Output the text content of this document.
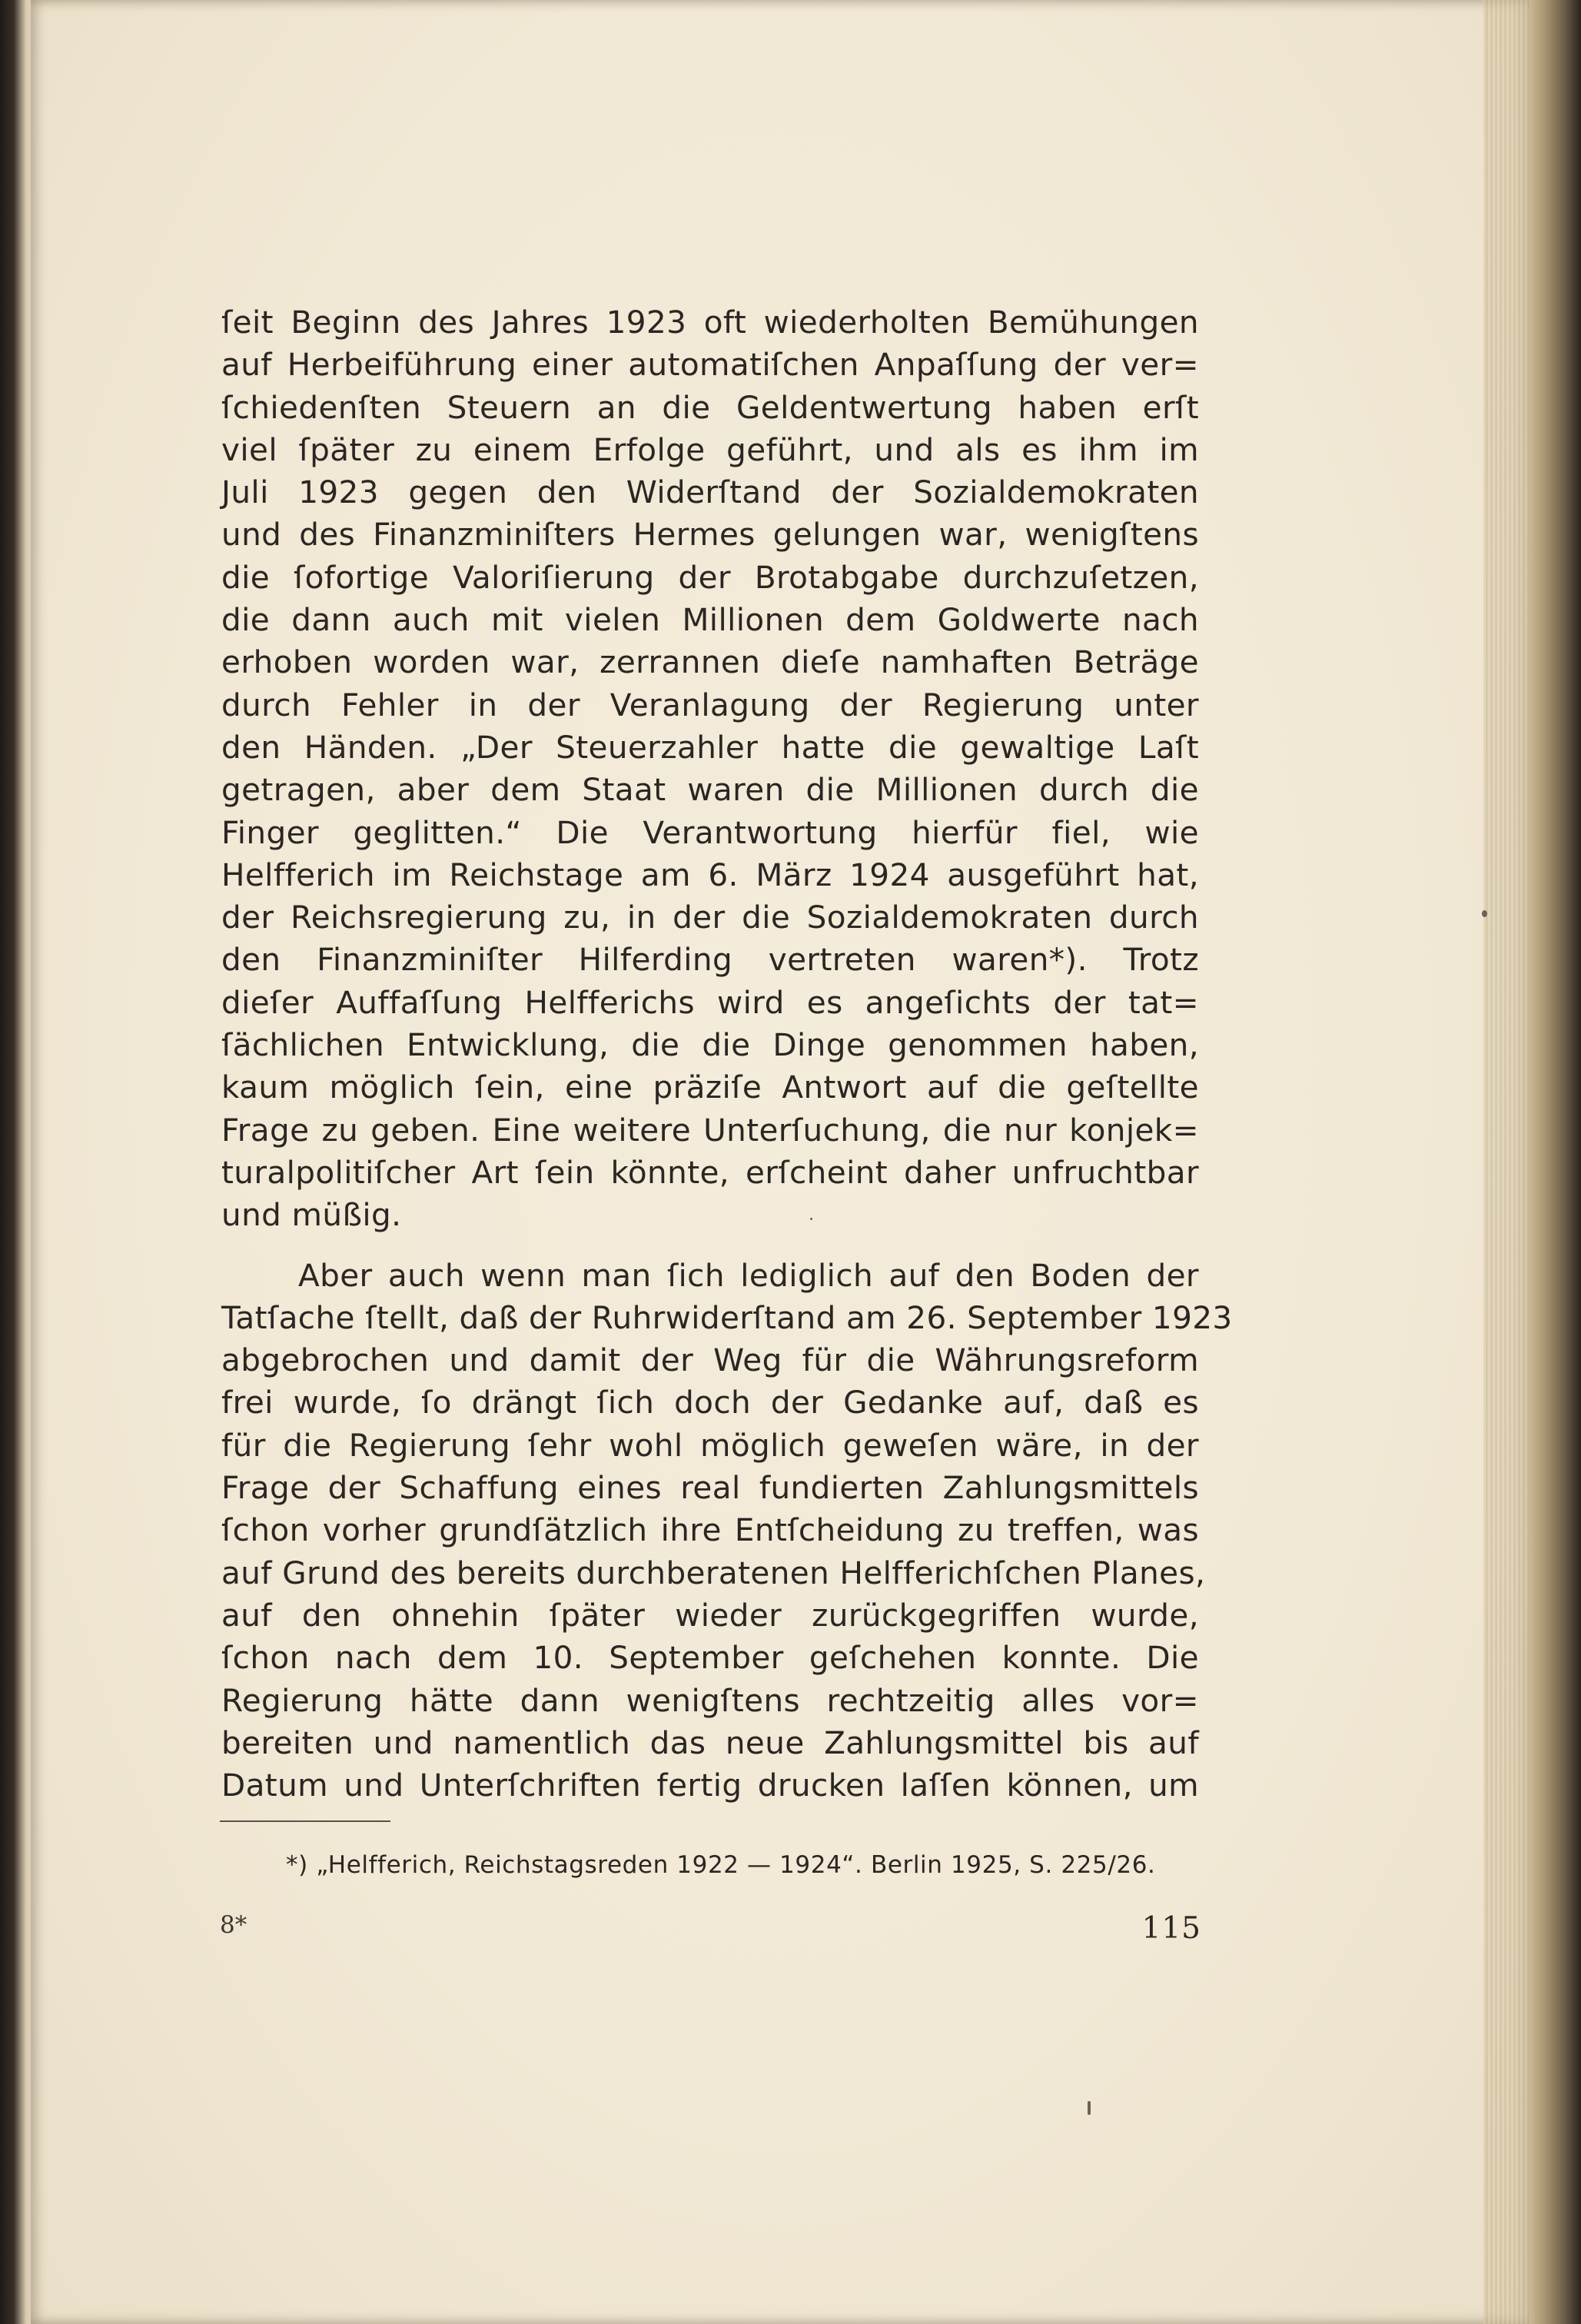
ſeit Beginn des Jahres 1923 oft wiederholten Bemühungen
auf Herbeiführung einer automatiſchen Anpaſſung der ver=
ſchiedenſten Steuern an die Geldentwertung haben erſt
viel ſpäter zu einem Erfolge geführt, und als es ihm im
Juli 1923 gegen den Widerſtand der Sozialdemokraten
und des Finanzminiſters Hermes gelungen war, wenigſtens
die ſofortige Valoriſierung der Brotabgabe durchzuſetzen,
die dann auch mit vielen Millionen dem Goldwerte nach
erhoben worden war, zerrannen dieſe namhaften Beträge
durch Fehler in der Veranlagung der Regierung unter
den Händen. „Der Steuerzahler hatte die gewaltige Laſt
getragen, aber dem Staat waren die Millionen durch die
Finger geglitten.“ Die Verantwortung hierfür fiel, wie
Helfferich im Reichstage am 6. März 1924 ausgeführt hat,
der Reichsregierung zu, in der die Sozialdemokraten durch
den Finanzminiſter Hilferding vertreten waren*). Trotz
dieſer Auffaſſung Helfferichs wird es angeſichts der tat=
ſächlichen Entwicklung, die die Dinge genommen haben,
kaum möglich ſein, eine präziſe Antwort auf die geſtellte
Frage zu geben. Eine weitere Unterſuchung, die nur konjek=
turalpolitiſcher Art ſein könnte, erſcheint daher unfruchtbar
und müßig.
Aber auch wenn man ſich lediglich auf den Boden der
Tatſache ſtellt, daß der Ruhrwiderſtand am 26. September 1923
abgebrochen und damit der Weg für die Währungsreform
frei wurde, ſo drängt ſich doch der Gedanke auf, daß es
für die Regierung ſehr wohl möglich geweſen wäre, in der
Frage der Schaffung eines real fundierten Zahlungsmittels
ſchon vorher grundſätzlich ihre Entſcheidung zu treffen, was
auf Grund des bereits durchberatenen Helfferichſchen Planes,
auf den ohnehin ſpäter wieder zurückgegriffen wurde,
ſchon nach dem 10. September geſchehen konnte. Die
Regierung hätte dann wenigſtens rechtzeitig alles vor=
bereiten und namentlich das neue Zahlungsmittel bis auf
Datum und Unterſchriften fertig drucken laſſen können, um
*) „Helfferich, Reichstagsreden 1922 — 1924“. Berlin 1925, S. 225/26.
8*	115
